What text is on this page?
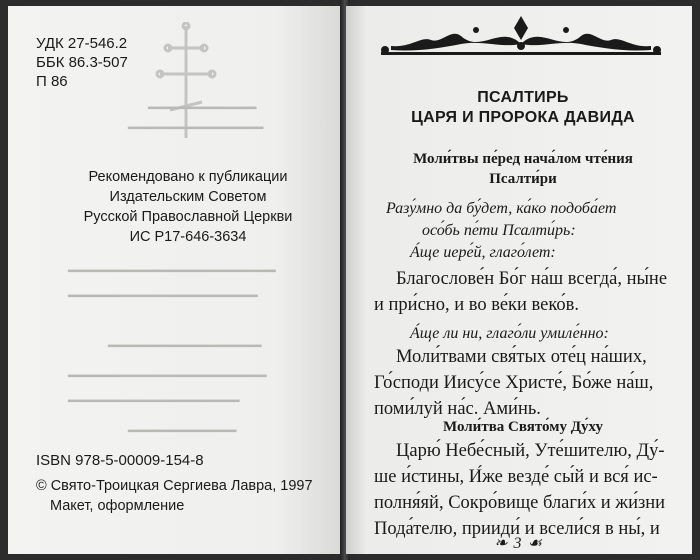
━━━━━━━━━━━━
━━━━━━━━━━━━━━━
━━━━━━━━━━━━━━━━━━━━━━━
━━━━━━━━━━━━━━━━━━━━━
━━━━━━━━━━━━━━━━━
━━━━━━━━━━━━━━━━━━━━━━
━━━━━━━━━━━━━━━━━━━
━━━━━━━━━━━━
УДК 27-546.2
ББК 86.3-507
П 86
Рекомендовано к публикации
Издательским Советом
Русской Православной Церкви
ИС Р17-646-3634
ISBN 978-5-00009-154-8
© Свято-Троицкая Сергиева Лавра, 1997
Макет, оформление
ПСАЛТИРЬ
ЦАРЯ И ПРОРОКА ДАВИДА
Моли́твы пе́ред нача́лом чте́ния
Псалти́ри
Разу́мно да бу́дет, ка́ко подоба́ет
осо́бь пе́ти Псалти́рь:
А́ще иере́й, глаго́лет:
Благослове́н Бо́г на́ш всегда́, ны́не
и при́сно, и во ве́ки веко́в.
А́ще ли ни, глаго́ли умиле́нно:
Моли́твами свя́тых оте́ц на́ших,
Го́споди Иису́се Христе́, Бо́же на́ш,
поми́луй на́с. Ами́нь.
Моли́тва Свято́му Ду́ху
Царю́ Небе́сный, Уте́шителю, Ду́-
ше и́стины, И́же везде́ сы́й и вся́ ис-
полня́яй, Сокро́вище благи́х и жи́зни
Пода́телю, прииди́ и всели́ся в ны́, и
❧ 3 ☙
